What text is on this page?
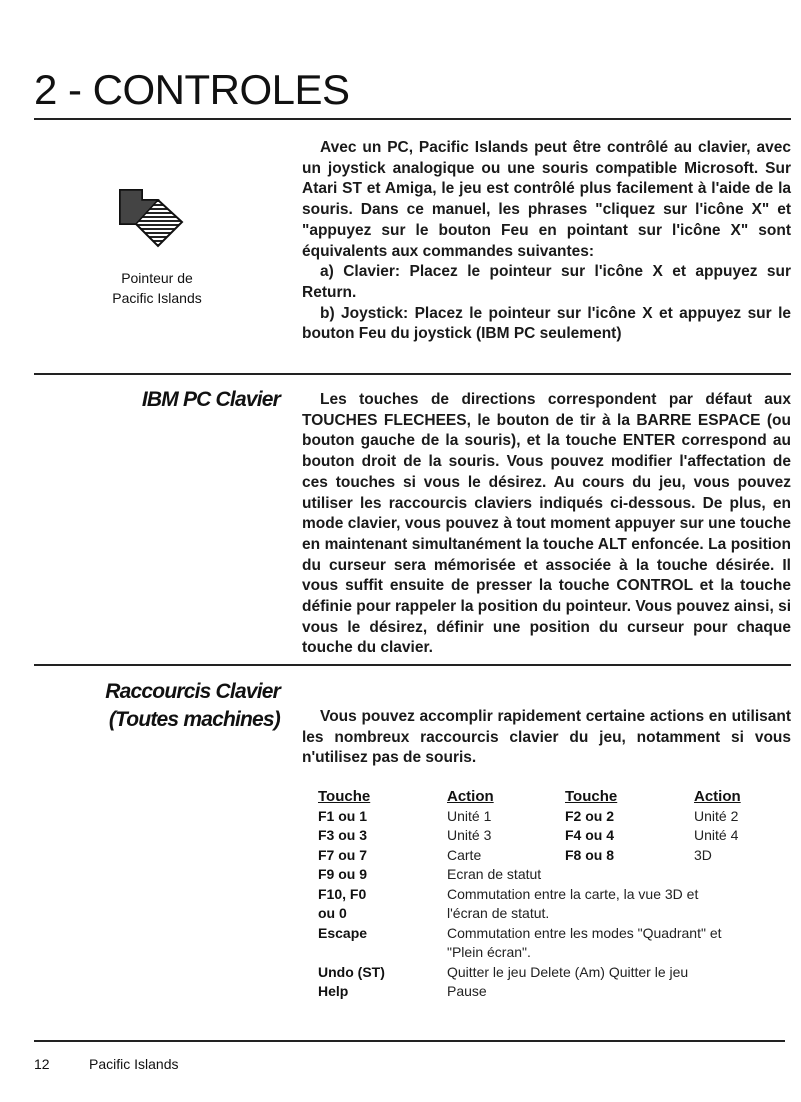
2 - CONTROLES
Pointeur de
Pacific Islands

Avec un PC, Pacific Islands peut être contrôlé au clavier, avec un joystick analogique ou une souris compatible Microsoft. Sur Atari ST et Amiga, le jeu est contrôlé plus facilement à l'aide de la souris. Dans ce manuel, les phrases "cliquez sur l'icône X" et "appuyez sur le bouton Feu en pointant sur l'icône X" sont équivalents aux commandes suivantes:

a) Clavier: Placez le pointeur sur l'icône X et appuyez sur Return.

b) Joystick: Placez le pointeur sur l'icône X et appuyez sur le bouton Feu du joystick (IBM PC seulement)

IBM PC Clavier	Les touches de directions correspondent par défaut aux TOUCHES FLECHEES, le bouton de tir à la BARRE ESPACE (ou bouton gauche de la souris), et la touche ENTER correspond au bouton droit de la souris. Vous pouvez modifier l'affectation de ces touches si vous le désirez. Au cours du jeu, vous pouvez utiliser les raccourcis claviers indiqués ci-dessous. De plus, en mode clavier, vous pouvez à tout moment appuyer sur une touche en maintenant simultanément la touche ALT enfoncée. La position du curseur sera mémorisée et associée à la touche désirée. Il vous suffit ensuite de presser la touche CONTROL et la touche définie pour rappeler la position du pointeur. Vous pouvez ainsi, si vous le désirez, définir une position du curseur pour chaque touche du clavier.

Raccourcis Clavier
(Toutes machines)	Vous pouvez accomplir rapidement certaine actions en utilisant les nombreux raccourcis clavier du jeu, notamment si vous n'utilisez pas de souris.

Touche	Action	Touche	Action
F1 ou 1	Unité 1	F2 ou 2	Unité 2
F3 ou 3	Unité 3	F4 ou 4	Unité 4
F7 ou 7	Carte	F8 ou 8	3D
F9 ou 9	Ecran de statut		
F10, F0	Commutation entre la carte, la vue 3D et		
ou 0	l'écran de statut.		
Escape	Commutation entre les modes "Quadrant" et		
	"Plein écran".		
Undo (ST)	Quitter le jeu Delete (Am) Quitter le jeu		
Help	Pause		
12	Pacific Islands
